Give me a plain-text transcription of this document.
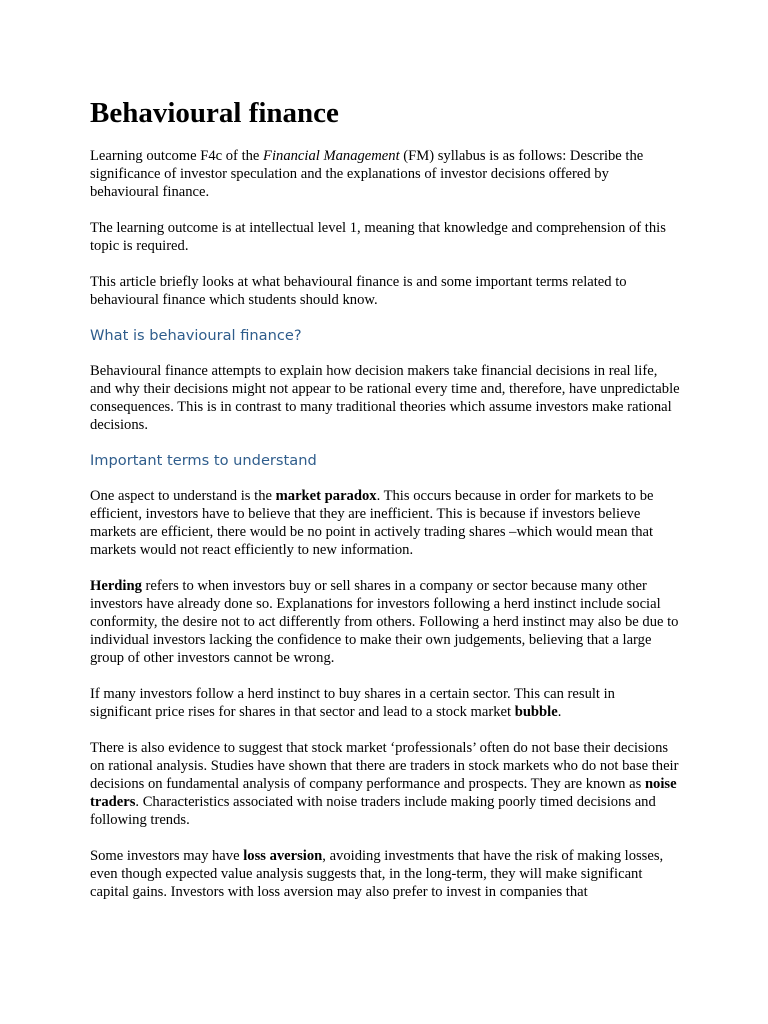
Behavioural finance

Learning outcome F4c of the Financial Management (FM) syllabus is as follows: Describe the significance of investor speculation and the explanations of investor decisions offered by behavioural finance.

The learning outcome is at intellectual level 1, meaning that knowledge and comprehension of this topic is required.

This article briefly looks at what behavioural finance is and some important terms related to behavioural finance which students should know.

What is behavioural finance?

Behavioural finance attempts to explain how decision makers take financial decisions in real life, and why their decisions might not appear to be rational every time and, therefore, have unpredictable consequences. This is in contrast to many traditional theories which assume investors make rational decisions.

Important terms to understand

One aspect to understand is the market paradox. This occurs because in order for markets to be efficient, investors have to believe that they are inefficient. This is because if investors believe markets are efficient, there would be no point in actively trading shares –which would mean that markets would not react efficiently to new information.

Herding refers to when investors buy or sell shares in a company or sector because many other investors have already done so. Explanations for investors following a herd instinct include social conformity, the desire not to act differently from others. Following a herd instinct may also be due to individual investors lacking the confidence to make their own judgements, believing that a large group of other investors cannot be wrong.

If many investors follow a herd instinct to buy shares in a certain sector. This can result in significant price rises for shares in that sector and lead to a stock market bubble.

There is also evidence to suggest that stock market ‘professionals’ often do not base their decisions on rational analysis. Studies have shown that there are traders in stock markets who do not base their decisions on fundamental analysis of company performance and prospects. They are known as noise traders. Characteristics associated with noise traders include making poorly timed decisions and following trends.

Some investors may have loss aversion, avoiding investments that have the risk of making losses, even though expected value analysis suggests that, in the long-term, they will make significant capital gains. Investors with loss aversion may also prefer to invest in companies that
